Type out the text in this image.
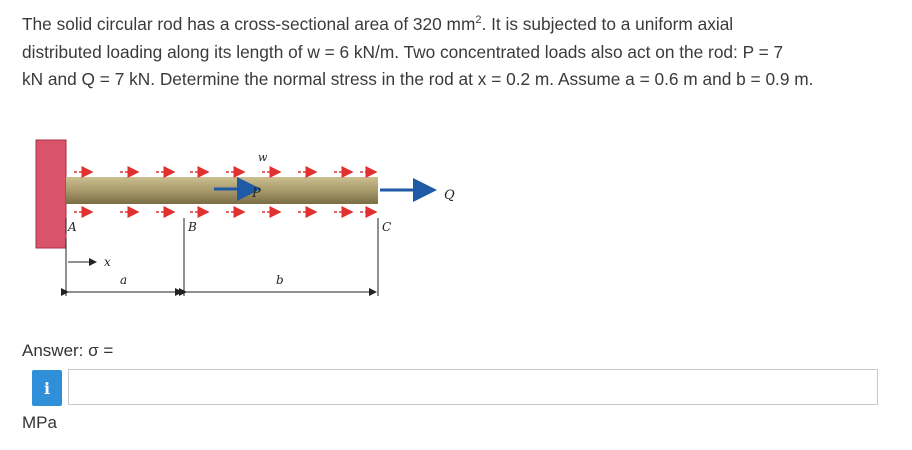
The solid circular rod has a cross-sectional area of 320 $mm^2$. It is subjected to a uniform axial

distributed loading along its length of w = 6 kN/m. Two concentrated loads also act on the rod: P = 7

kN and Q = 7 kN. Determine the normal stress in the rod at x = 0.2 m. Assume a = 0.6 m and b = 0.9 m.

P	Q
w
A	B	C
x
a	b
Answer: σ =
i
MPa
